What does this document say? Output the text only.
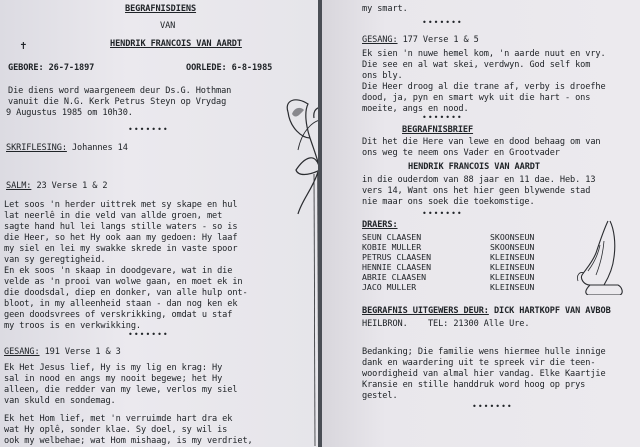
BEGRAFNISDIENS
VAN
HENDRIK FRANCOIS VAN AARDT
✝
GEBORE: 26-7-1897	OORLEDE: 6-8-1985
Die diens word waargeneem deur Ds.G. Hothman
vanuit die N.G. Kerk Petrus Steyn op Vrydag
9 Augustus 1985 om 10h30.
•••••••
SKRIFLESING: Johannes 14
SALM: 23 Verse 1 & 2
Let soos 'n herder uittrek met sy skape en hul
lat neerlê in die veld van allde groen, met
sagte hand hul lei langs stille waters - so is
die Heer, so het Hy ook aan my gedoen: Hy laaf
my siel en lei my swakke skrede in vaste spoor
van sy geregtigheid.
En ek soos 'n skaap in doodgevare, wat in die
velde as 'n prooi van wolwe gaan, en moet ek in
die doodsdal, diep en donker, van alle hulp ont-
bloot, in my alleenheid staan - dan nog ken ek
geen doodsvrees of verskrikking, omdat u staf
my troos is en verkwikking.
•••••••
GESANG: 191 Verse 1 & 3
Ek Het Jesus lief, Hy is my lig en krag: Hy
sal in nood en angs my nooit begewe; het Hy
alleen, die redder van my lewe, verlos my siel
van skuld en sondemag.
Ek het Hom lief, met 'n verruimde hart dra ek
wat Hy oplê, sonder klae. Sy doel, sy wil is
ook my welbehae; wat Hom mishaag, is my verdriet,
my smart.
•••••••
GESANG: 177 Verse 1 & 5
Ek sien 'n nuwe hemel kom, 'n aarde nuut en vry.
Die see en al wat skei, verdwyn. God self kom
ons bly.
Die Heer droog al die trane af, verby is droefhe
dood, ja, pyn en smart wyk uit die hart - ons
moeite, angs en nood.
•••••••
BEGRAFNISBRIEF
Dit het die Here van lewe en dood behaag om van
ons weg te neem ons Vader en Grootvader
HENDRIK FRANCOIS VAN AARDT
in die ouderdom van 88 jaar en 11 dae. Heb. 13
vers 14, Want ons het hier geen blywende stad
nie maar ons soek die toekomstige.
•••••••
DRAERS:
SEUN CLAASEN	SKOONSEUN
KOBIE MULLER	SKOONSEUN
PETRUS CLAASEN	KLEINSEUN
HENNIE CLAASEN	KLEINSEUN
ABRIE CLAASEN	KLEINSEUN
JACO MULLER	KLEINSEUN
BEGRAFNIS UITGEWERS DEUR: DICK HARTKOPF VAN AVBOB
HEILBRON.    TEL: 21300 Alle Ure.
Bedanking; Die familie wens hiermee hulle innige
dank en waardering uit te spreek vir die teen-
woordigheid van almal hier vandag. Elke Kaartjie
Kransie en stille handdruk word hoog op prys
gestel.
•••••••
